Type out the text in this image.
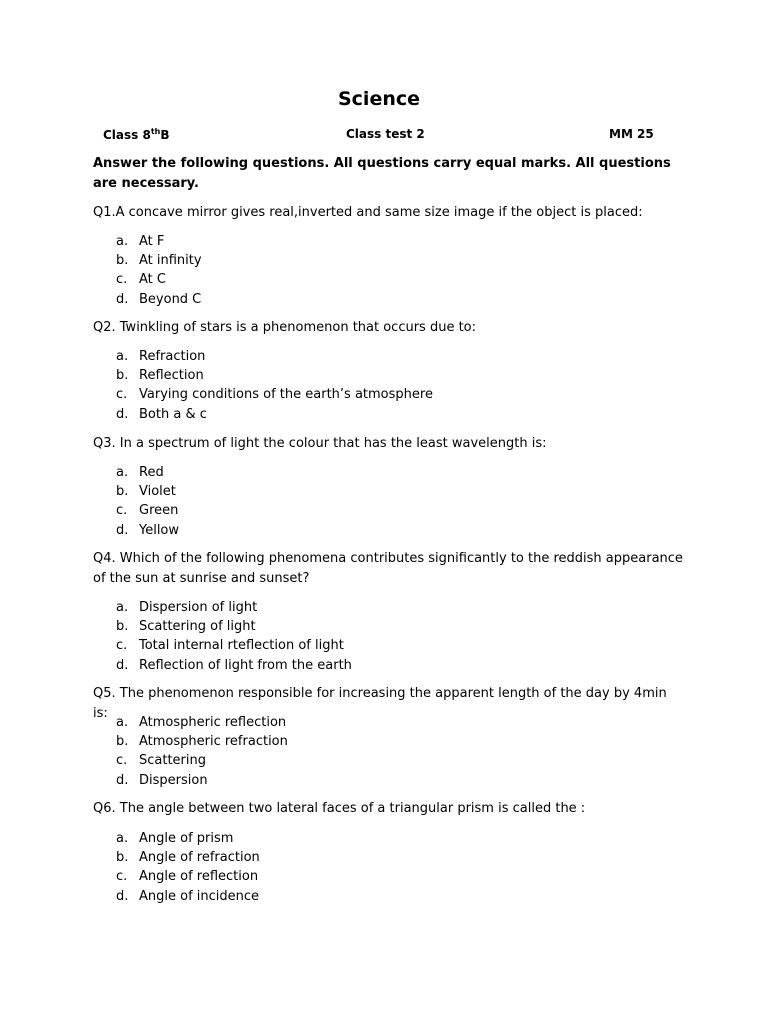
Science
Class 8thB	Class test 2	MM 25
Answer the following questions. All questions carry equal marks. All questions are necessary.
Q1.A concave mirror gives real,inverted and same size image if the object is placed:
a. At F
b. At infinity
c. At C
d. Beyond C
Q2. Twinkling of stars is a phenomenon that occurs due to:
a. Refraction
b. Reflection
c. Varying conditions of the earth’s atmosphere
d. Both a & c
Q3. In a spectrum of light the colour that has the least wavelength is:
a. Red
b. Violet
c. Green
d. Yellow
Q4. Which of the following phenomena contributes significantly to the reddish appearance of the sun at sunrise and sunset?
a. Dispersion of light
b. Scattering of light
c. Total internal rteflection of light
d. Reflection of light from the earth
Q5. The phenomenon responsible for increasing the apparent length of the day by 4min is:
a. Atmospheric reflection
b. Atmospheric refraction
c. Scattering
d. Dispersion
Q6. The angle between two lateral faces of a triangular prism is called the :
a. Angle of prism
b. Angle of refraction
c. Angle of reflection
d. Angle of incidence
